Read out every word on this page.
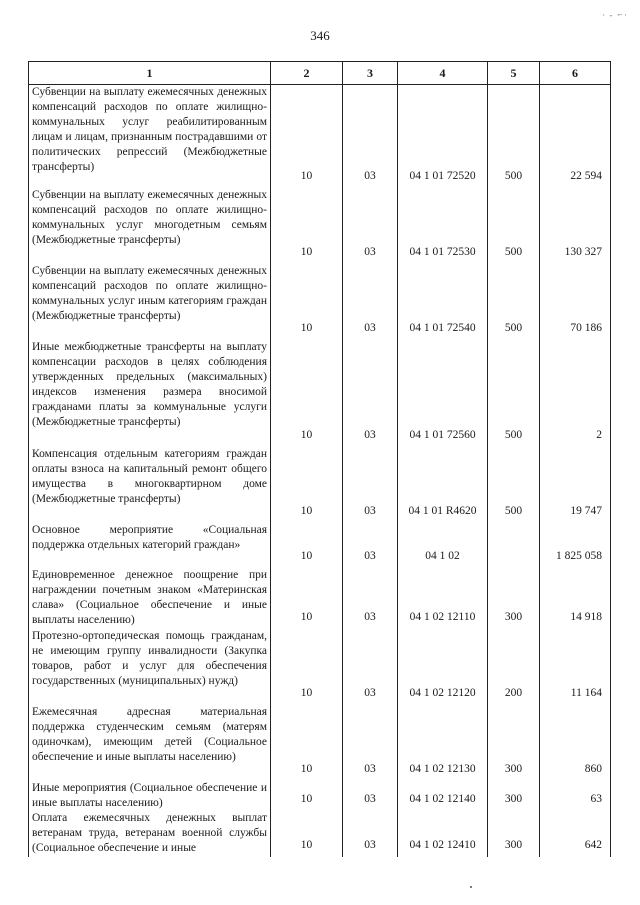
· - ·̶ ·
346
1	2	3	4	5	6
Субвенции на выплату ежемесячных денежных компенсаций расходов по оплате жилищно-коммунальных услуг реабилитированным лицам и лицам, признанным пострадавшими от политических репрессий (Межбюджетные трансферты)	10	03	04 1 01 72520	500	22 594
Субвенции на выплату ежемесячных денежных компенсаций расходов по оплате жилищно-коммунальных услуг многодетным семьям (Межбюджетные трансферты)	10	03	04 1 01 72530	500	130 327
Субвенции на выплату ежемесячных денежных компенсаций расходов по оплате жилищно-коммунальных услуг иным категориям граждан (Межбюджетные трансферты)	10	03	04 1 01 72540	500	70 186
Иные межбюджетные трансферты на выплату компенсации расходов в целях соблюдения утвержденных предельных (максимальных) индексов изменения размера вносимой гражданами платы за коммунальные услуги (Межбюджетные трансферты)	10	03	04 1 01 72560	500	2
Компенсация отдельным категориям граждан оплаты взноса на капитальный ремонт общего имущества в многоквартирном доме (Межбюджетные трансферты)	10	03	04 1 01 R4620	500	19 747
Основное мероприятие «Социальная поддержка отдельных категорий граждан»	10	03	04 1 02		1 825 058
Единовременное денежное поощрение при награждении почетным знаком «Материнская слава» (Социальное обеспечение и иные выплаты населению)	10	03	04 1 02 12110	300	14 918
Протезно-ортопедическая помощь гражданам, не имеющим группу инвалидности (Закупка товаров, работ и услуг для обеспечения государственных (муниципальных) нужд)	10	03	04 1 02 12120	200	11 164
Ежемесячная адресная материальная поддержка студенческим семьям (матерям одиночкам), имеющим детей (Социальное обеспечение и иные выплаты населению)	10	03	04 1 02 12130	300	860
Иные мероприятия (Социальное обеспечение и иные выплаты населению)	10	03	04 1 02 12140	300	63
Оплата ежемесячных денежных выплат ветеранам труда, ветеранам военной службы (Социальное обеспечение и иные	10	03	04 1 02 12410	300	642
